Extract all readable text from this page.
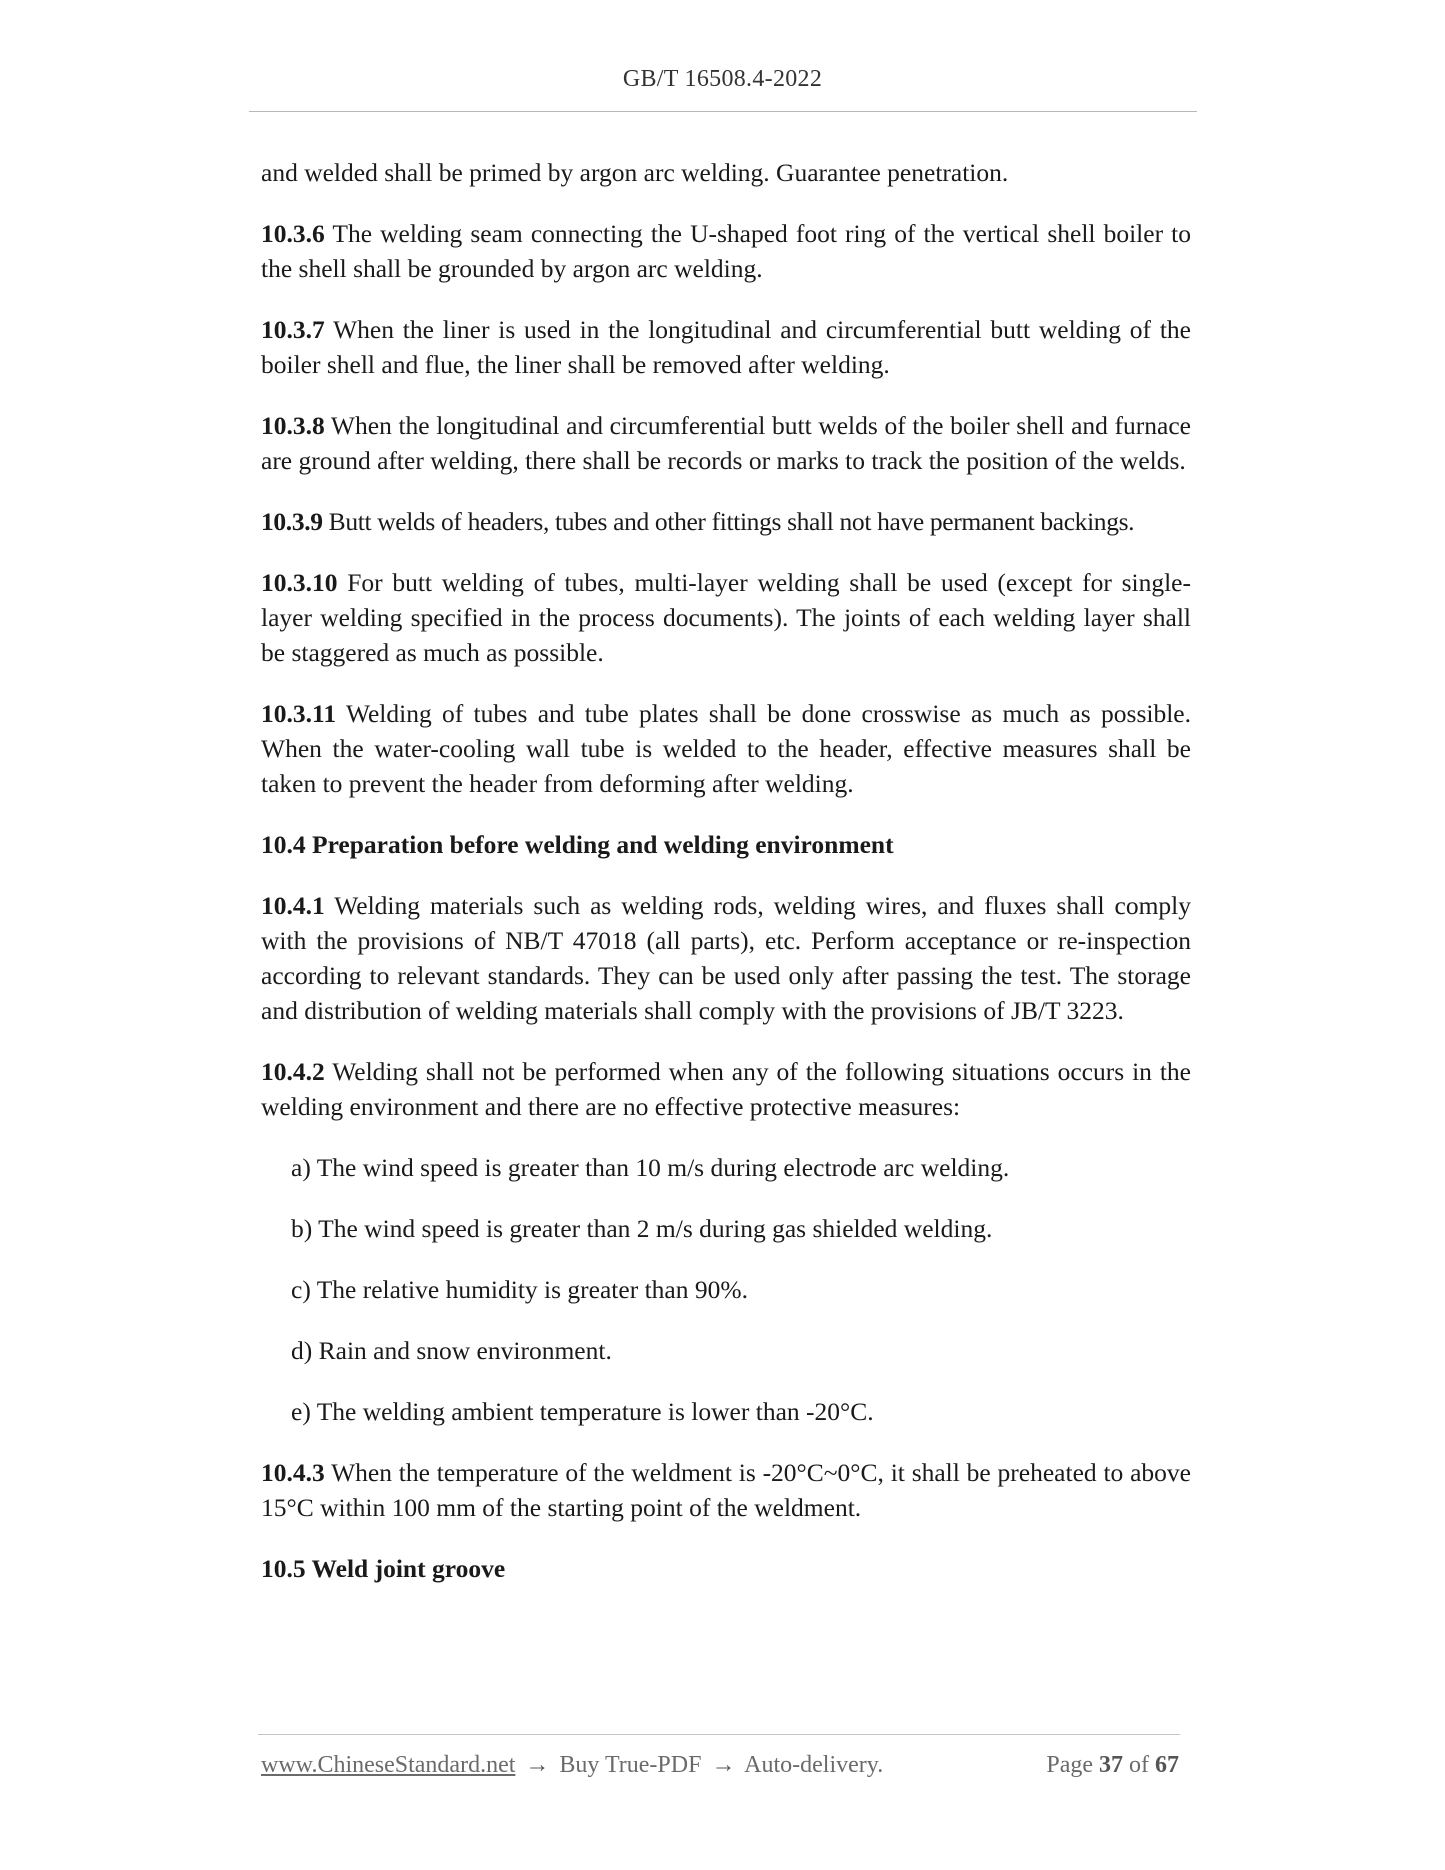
GB/T 16508.4-2022

and welded shall be primed by argon arc welding. Guarantee penetration.

10.3.6 The welding seam connecting the U-shaped foot ring of the vertical shell boiler to the shell shall be grounded by argon arc welding.

10.3.7 When the liner is used in the longitudinal and circumferential butt welding of the boiler shell and flue, the liner shall be removed after welding.

10.3.8 When the longitudinal and circumferential butt welds of the boiler shell and furnace are ground after welding, there shall be records or marks to track the position of the welds.

10.3.9 Butt welds of headers, tubes and other fittings shall not have permanent backings.

10.3.10 For butt welding of tubes, multi-layer welding shall be used (except for single-layer welding specified in the process documents). The joints of each welding layer shall be staggered as much as possible.

10.3.11 Welding of tubes and tube plates shall be done crosswise as much as possible. When the water-cooling wall tube is welded to the header, effective measures shall be taken to prevent the header from deforming after welding.

10.4 Preparation before welding and welding environment

10.4.1 Welding materials such as welding rods, welding wires, and fluxes shall comply with the provisions of NB/T 47018 (all parts), etc. Perform acceptance or re-inspection according to relevant standards. They can be used only after passing the test. The storage and distribution of welding materials shall comply with the provisions of JB/T 3223.

10.4.2 Welding shall not be performed when any of the following situations occurs in the welding environment and there are no effective protective measures:

a) The wind speed is greater than 10 m/s during electrode arc welding.

b) The wind speed is greater than 2 m/s during gas shielded welding.

c) The relative humidity is greater than 90%.

d) Rain and snow environment.

e) The welding ambient temperature is lower than -20°C.

10.4.3 When the temperature of the weldment is -20°C~0°C, it shall be preheated to above 15°C within 100 mm of the starting point of the weldment.

10.5 Weld joint groove

www.ChineseStandard.net → Buy True-PDF → Auto-delivery.	Page 37 of 67
